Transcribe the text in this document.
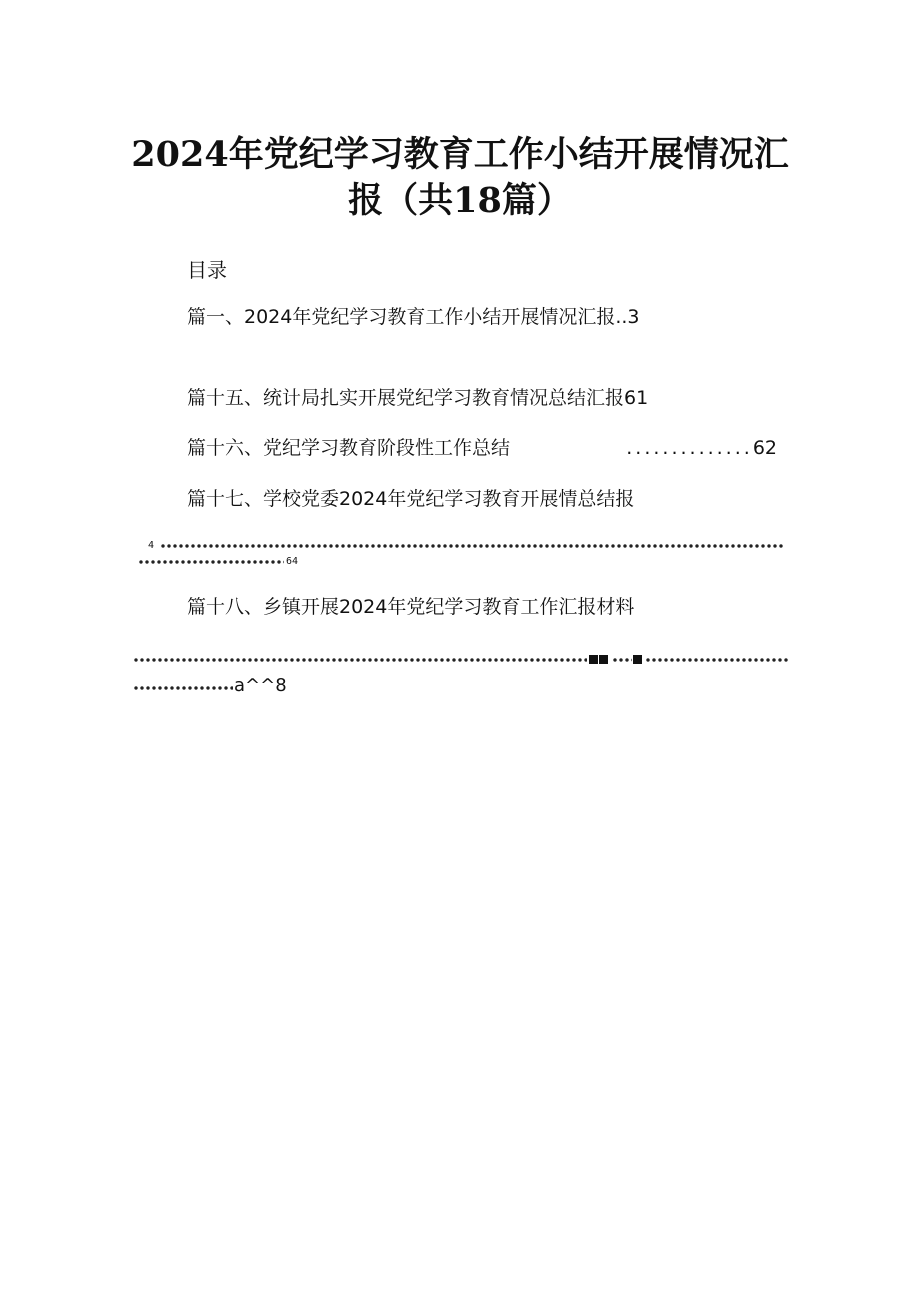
2024年党纪学习教育工作小结开展情况汇
报（共18篇）
目录
篇一、2024年党纪学习教育工作小结开展情况汇报..3
篇十五、统计局扎实开展党纪学习教育情况总结汇报61
篇十六、党纪学习教育阶段性工作总结	.............. 62
篇十七、学校党委2024年党纪学习教育开展情总结报
4
64
篇十八、乡镇开展2024年党纪学习教育工作汇报材料
a^^8
